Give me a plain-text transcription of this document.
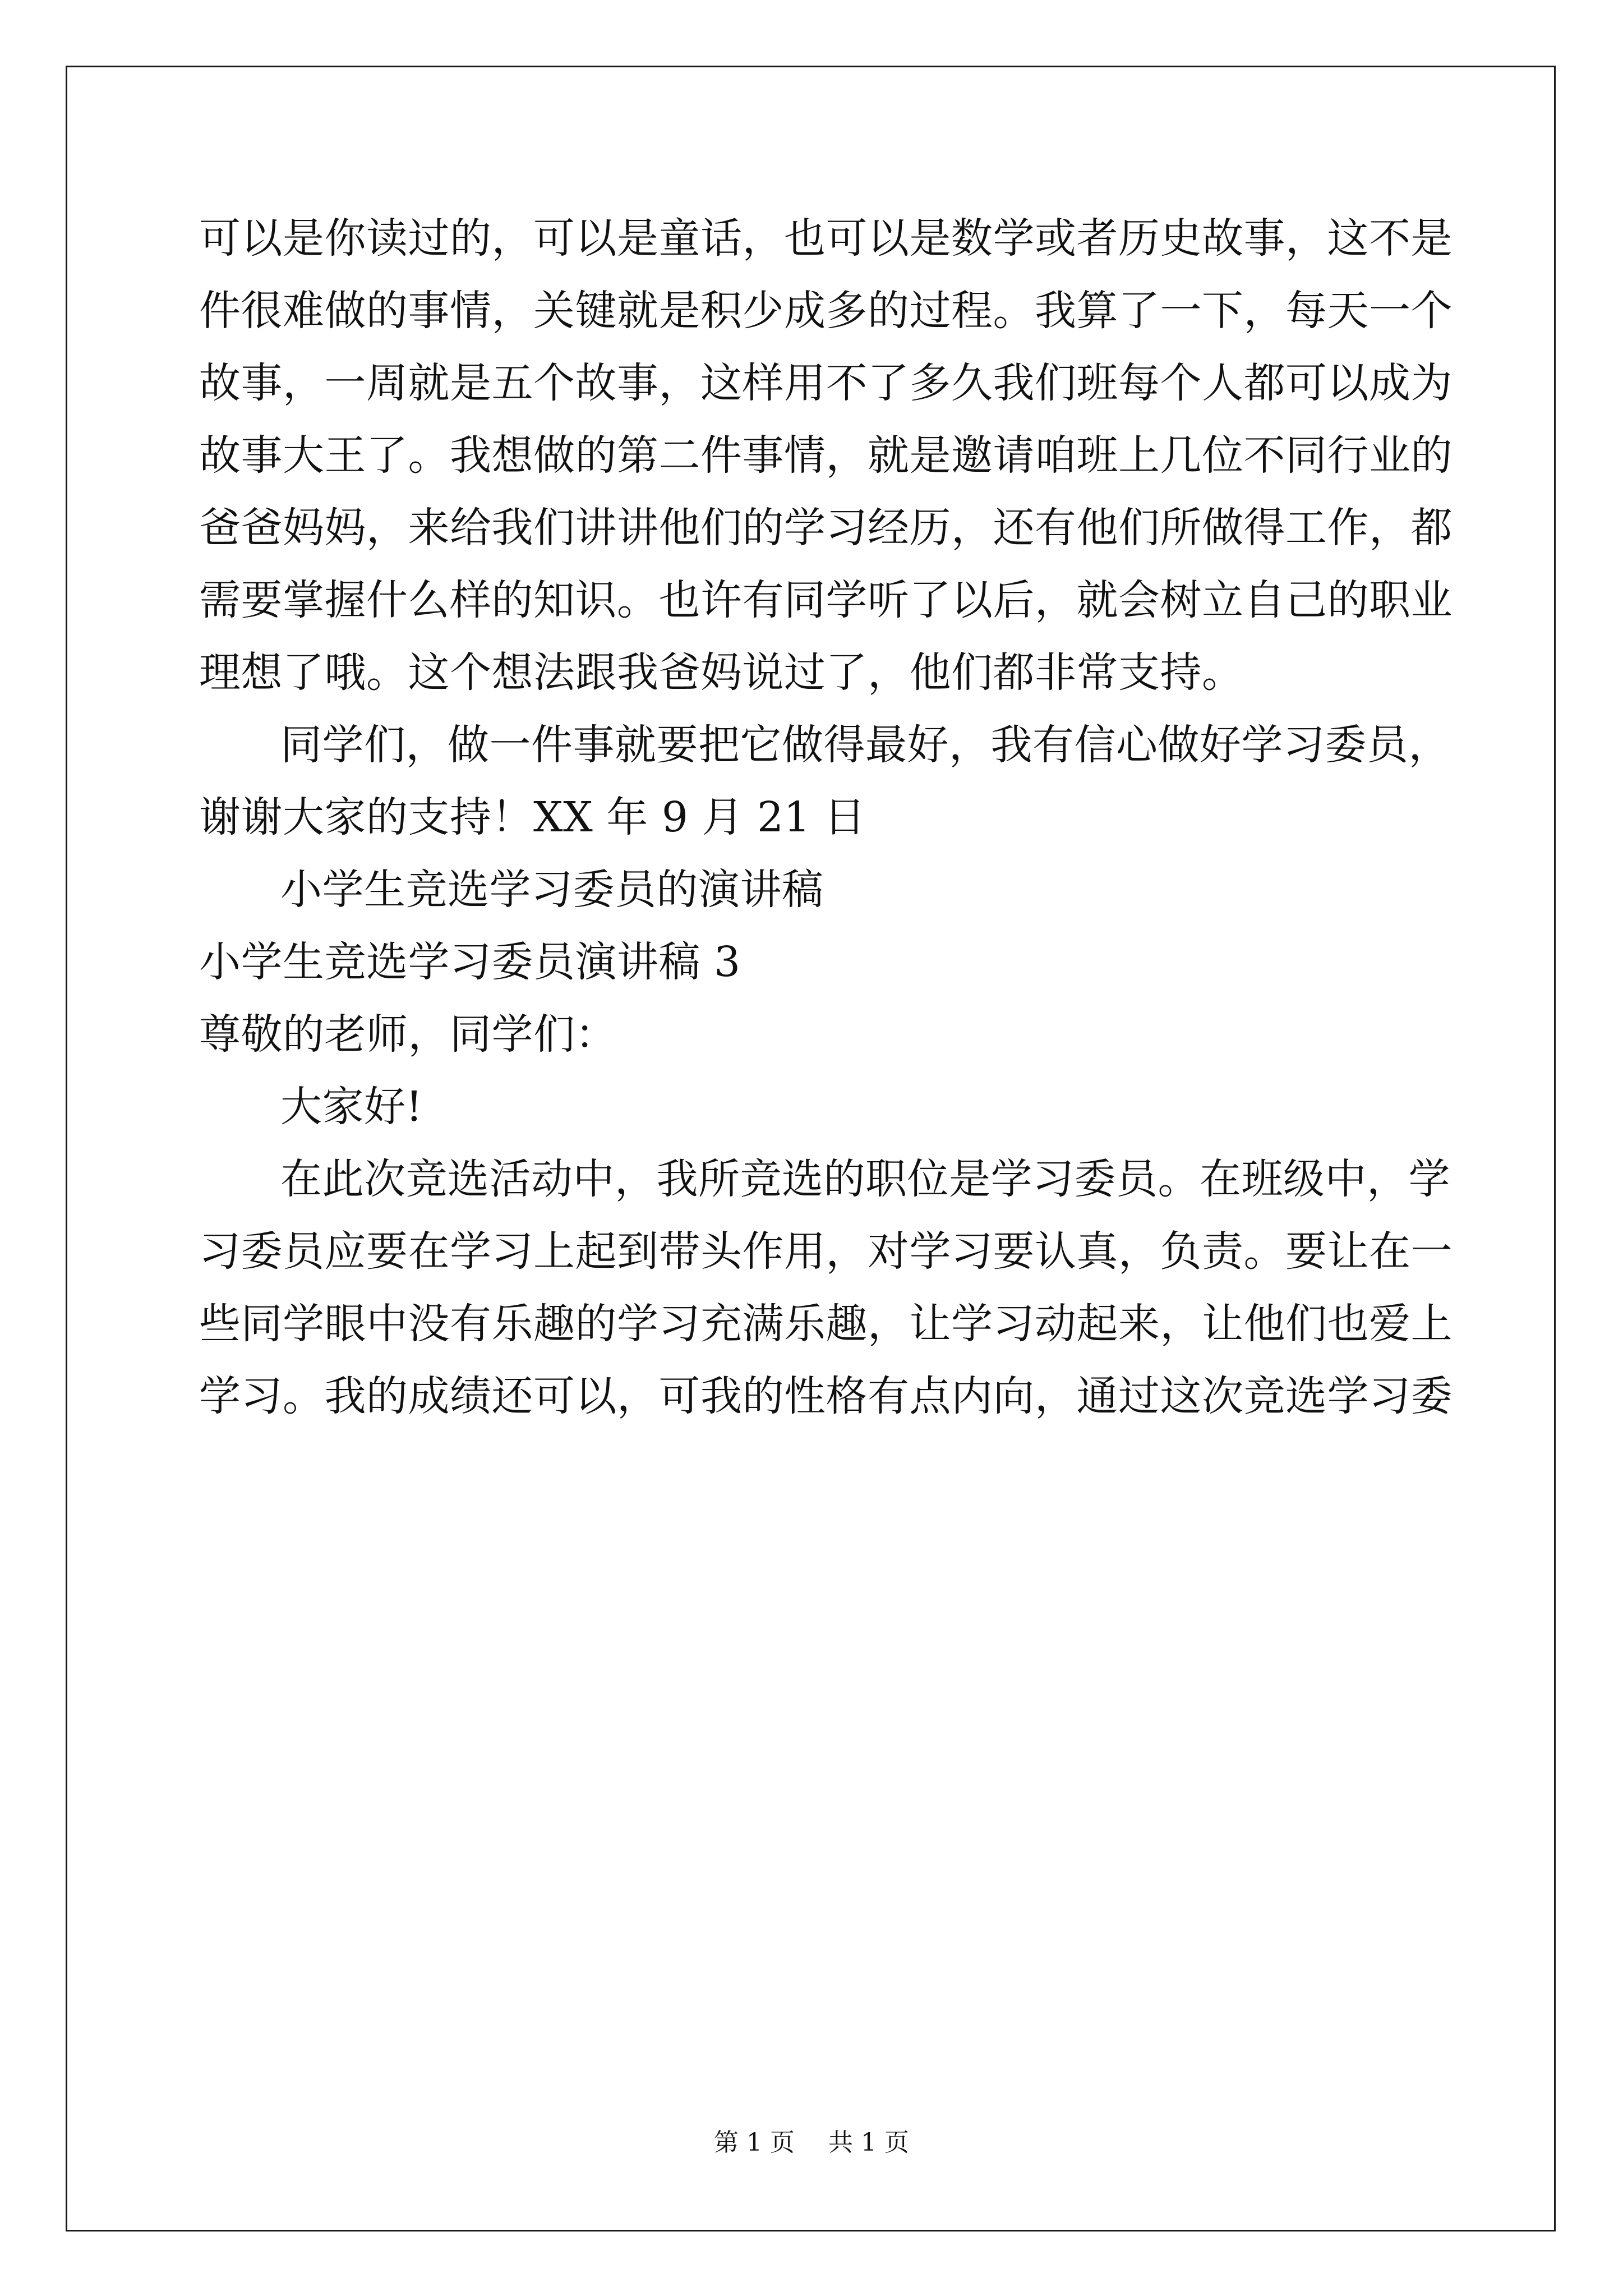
可以是你读过的，可以是童话，也可以是数学或者历史故事，这不是
件很难做的事情，关键就是积少成多的过程。我算了一下，每天一个
故事，一周就是五个故事，这样用不了多久我们班每个人都可以成为
故事大王了。我想做的第二件事情，就是邀请咱班上几位不同行业的
爸爸妈妈，来给我们讲讲他们的学习经历，还有他们所做得工作，都
需要掌握什么样的知识。也许有同学听了以后，就会树立自己的职业
理想了哦。这个想法跟我爸妈说过了，他们都非常支持。
同学们，做一件事就要把它做得最好，我有信心做好学习委员，
谢谢大家的支持！XX 年 9 月 21 日
小学生竞选学习委员的演讲稿
小学生竞选学习委员演讲稿 3
尊敬的老师，同学们：
大家好!
在此次竞选活动中，我所竞选的职位是学习委员。在班级中，学
习委员应要在学习上起到带头作用，对学习要认真，负责。要让在一
些同学眼中没有乐趣的学习充满乐趣，让学习动起来，让他们也爱上
学习。我的成绩还可以，可我的性格有点内向，通过这次竞选学习委
第 1 页 共 1 页
